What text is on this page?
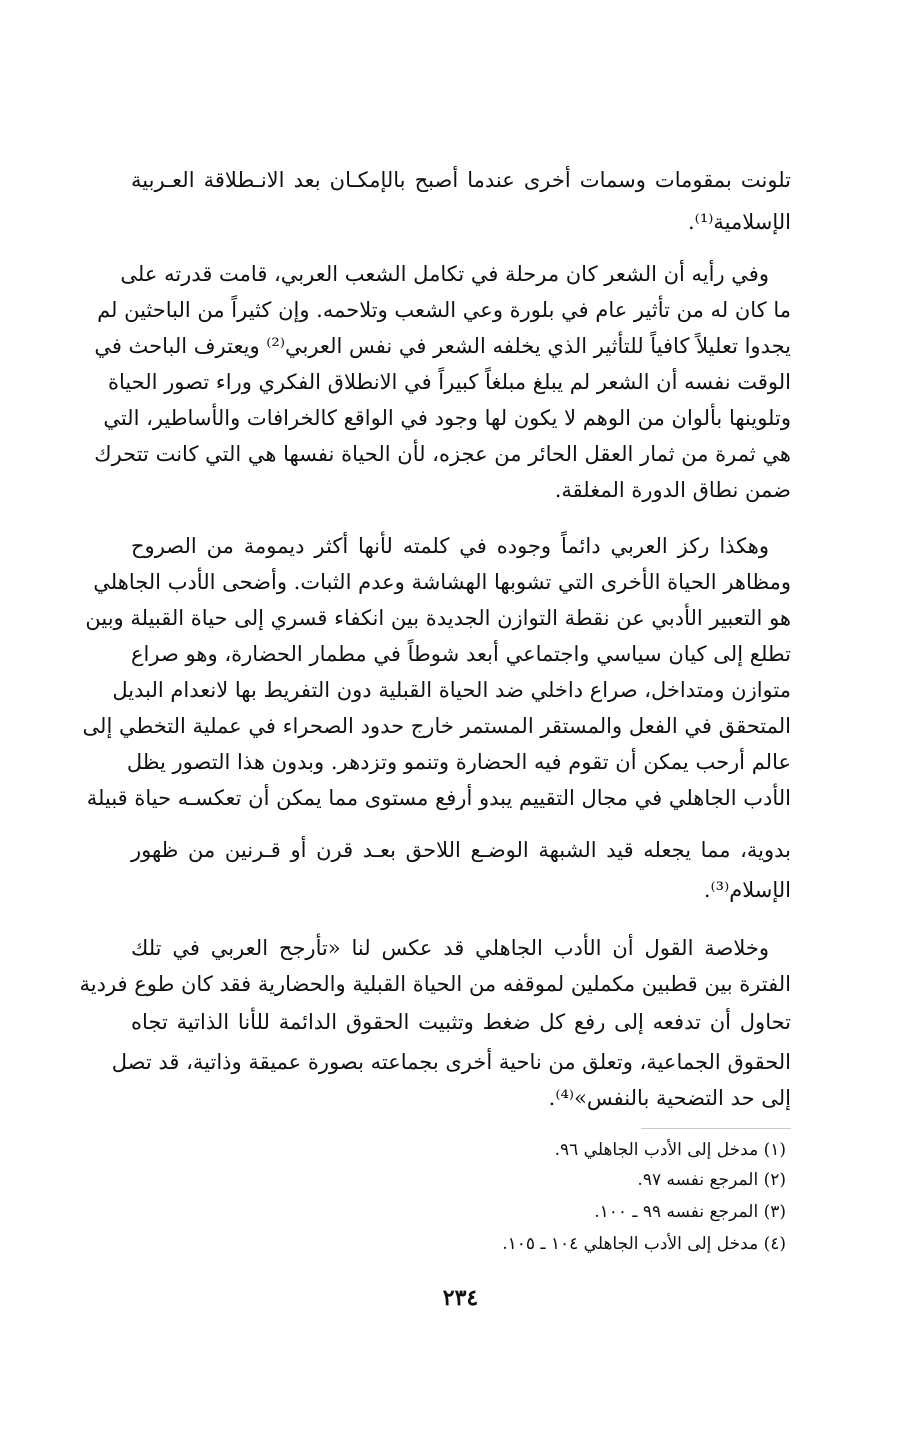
تلونت بمقومات وسمات أخرى عندما أصبح بالإمكـان بعد الانـطلاقة العـربية
الإسلامية⁽¹⁾.
وفي رأيه أن الشعر كان مرحلة في تكامل الشعب العربي، قامت قدرته على
ما كان له من تأثير عام في بلورة وعي الشعب وتلاحمه. وإن كثيراً من الباحثين لم
يجدوا تعليلاً كافياً للتأثير الذي يخلفه الشعر في نفس العربي⁽²⁾ ويعترف الباحث في
الوقت نفسه أن الشعر لم يبلغ مبلغاً كبيراً في الانطلاق الفكري وراء تصور الحياة
وتلوينها بألوان من الوهم لا يكون لها وجود في الواقع كالخرافات والأساطير، التي
هي ثمرة من ثمار العقل الحائر من عجزه، لأن الحياة نفسها هي التي كانت تتحرك
ضمن نطاق الدورة المغلقة.
وهكذا ركز العربي دائماً وجوده في كلمته لأنها أكثر ديمومة من الصروح
ومظاهر الحياة الأخرى التي تشوبها الهشاشة وعدم الثبات. وأضحى الأدب الجاهلي
هو التعبير الأدبي عن نقطة التوازن الجديدة بين انكفاء قسري إلى حياة القبيلة وبين
تطلع إلى كيان سياسي واجتماعي أبعد شوطاً في مطمار الحضارة، وهو صراع
متوازن ومتداخل، صراع داخلي ضد الحياة القبلية دون التفريط بها لانعدام البديل
المتحقق في الفعل والمستقر المستمر خارج حدود الصحراء في عملية التخطي إلى
عالم أرحب يمكن أن تقوم فيه الحضارة وتنمو وتزدهر. وبدون هذا التصور يظل
الأدب الجاهلي في مجال التقييم يبدو أرفع مستوى مما يمكن أن تعكسـه حياة قبيلة
بدوية، مما يجعله قيد الشبهة الوضـع اللاحق بعـد قرن أو قـرنين من ظهور
الإسلام⁽³⁾.
وخلاصة القول أن الأدب الجاهلي قد عكس لنا «تأرجح العربي في تلك
الفترة بين قطبين مكملين لموقفه من الحياة القبلية والحضارية فقد كان طوع فردية
تحاول أن تدفعه إلى رفع كل ضغط وتثبيت الحقوق الدائمة للأنا الذاتية تجاه
الحقوق الجماعية، وتعلق من ناحية أخرى بجماعته بصورة عميقة وذاتية، قد تصل
إلى حد التضحية بالنفس»⁽⁴⁾.
(١) مدخل إلى الأدب الجاهلي ٩٦.
(٢) المرجع نفسه ٩٧.
(٣) المرجع نفسه ٩٩ ـ ١٠٠.
(٤) مدخل إلى الأدب الجاهلي ١٠٤ ـ ١٠٥.
٢٣٤
